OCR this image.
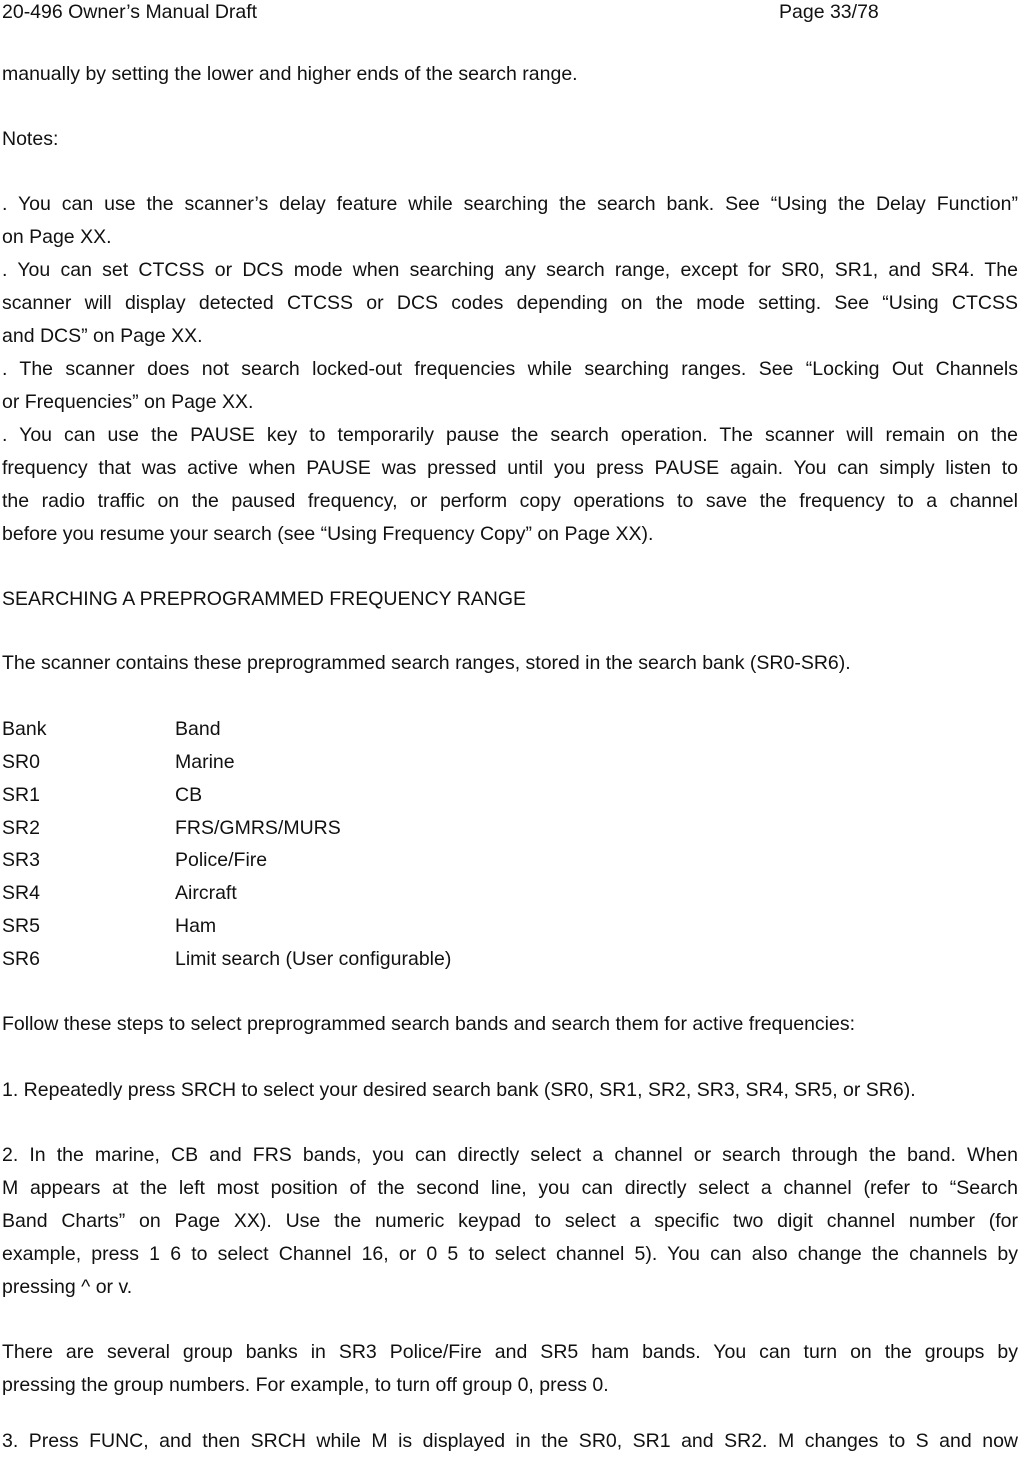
20-496 Owner’s Manual Draft	Page 33/78
manually by setting the lower and higher ends of the search range.
Notes:
. You can use the scanner’s delay feature while searching the search bank. See “Using the Delay Function”
on Page XX.
. You can set CTCSS or DCS mode when searching any search range, except for SR0, SR1, and SR4. The
scanner will display detected CTCSS or DCS codes depending on the mode setting. See “Using CTCSS
and DCS” on Page XX.
. The scanner does not search locked-out frequencies while searching ranges. See “Locking Out Channels
or Frequencies” on Page XX.
. You can use the PAUSE key to temporarily pause the search operation. The scanner will remain on the
frequency that was active when PAUSE was pressed until you press PAUSE again. You can simply listen to
the radio traffic on the paused frequency, or perform copy operations to save the frequency to a channel
before you resume your search (see “Using Frequency Copy” on Page XX).
SEARCHING A PREPROGRAMMED FREQUENCY RANGE
The scanner contains these preprogrammed search ranges, stored in the search bank (SR0-SR6).
Bank	Band
SR0	Marine
SR1	CB
SR2	FRS/GMRS/MURS
SR3	Police/Fire
SR4	Aircraft
SR5	Ham
SR6	Limit search (User configurable)
Follow these steps to select preprogrammed search bands and search them for active frequencies:
1. Repeatedly press SRCH to select your desired search bank (SR0, SR1, SR2, SR3, SR4, SR5, or SR6).
2. In the marine, CB and FRS bands, you can directly select a channel or search through the band. When
M appears at the left most position of the second line, you can directly select a channel (refer to “Search
Band Charts” on Page XX). Use the numeric keypad to select a specific two digit channel number (for
example, press 1 6 to select Channel 16, or 0 5 to select channel 5). You can also change the channels by
pressing ^ or v.
There are several group banks in SR3 Police/Fire and SR5 ham bands. You can turn on the groups by
pressing the group numbers. For example, to turn off group 0, press 0.
3. Press FUNC, and then SRCH while M is displayed in the SR0, SR1 and SR2. M changes to S and now
